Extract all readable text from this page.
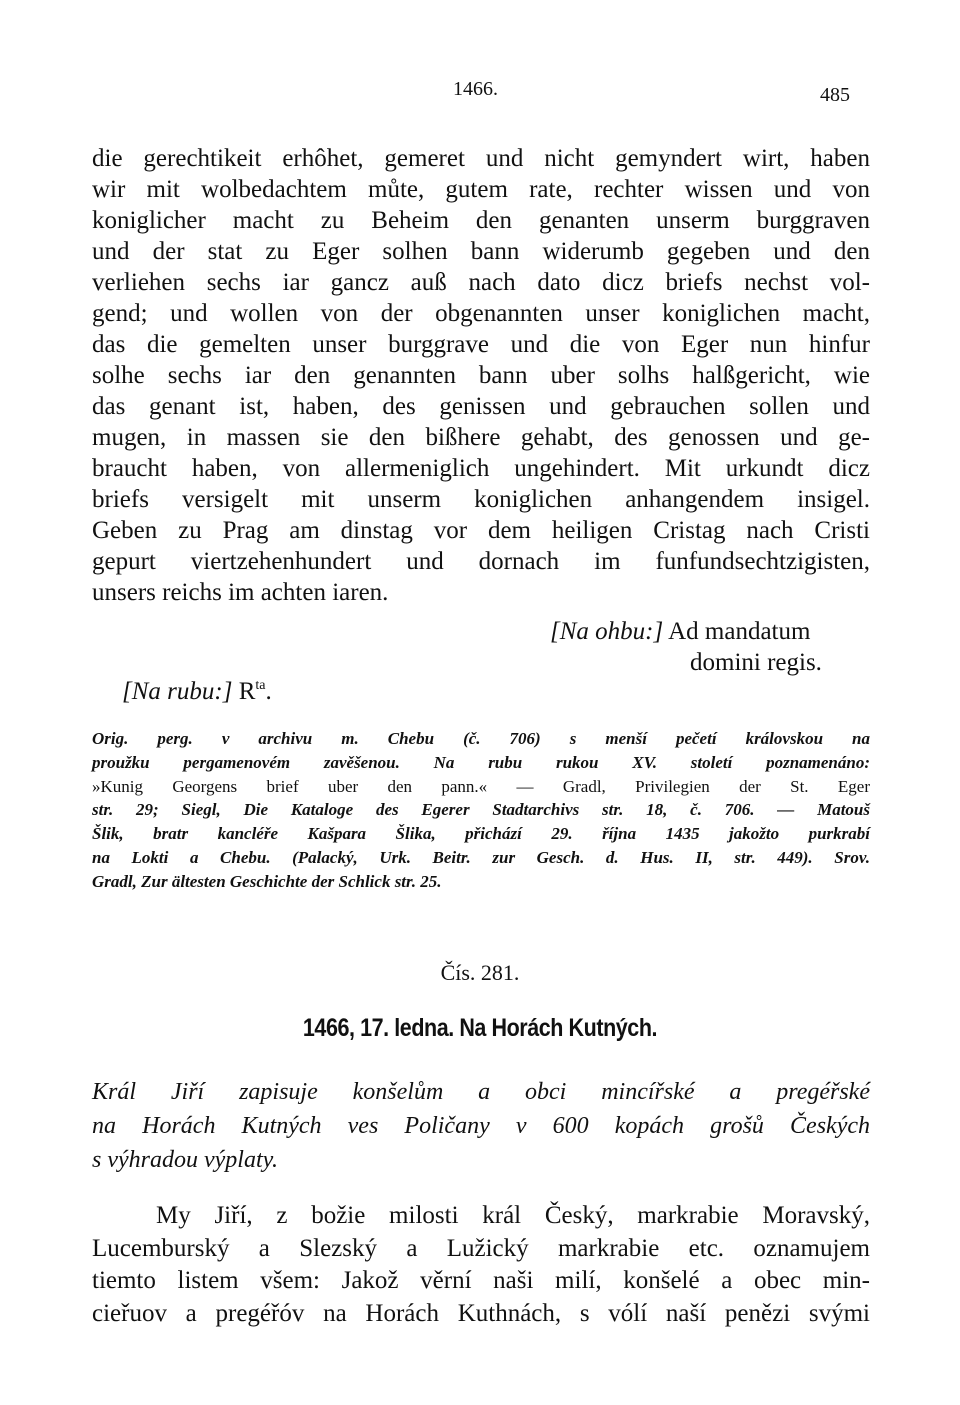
1466.	485
die gerechtikeit erhôhet, gemeret und nicht gemyndert wirt, haben
wir mit wolbedachtem můte, gutem rate, rechter wissen und von
koniglicher macht zu Beheim den genanten unserm burggraven
und der stat zu Eger solhen bann widerumb gegeben und den
verliehen sechs iar gancz auß nach dato dicz briefs nechst vol-
gend; und wollen von der obgenannten unser koniglichen macht,
das die gemelten unser burggrave und die von Eger nun hinfur
solhe sechs iar den genannten bann uber solhs halßgericht, wie
das genant ist, haben, des genissen und gebrauchen sollen und
mugen, in massen sie den bißhere gehabt, des genossen und ge-
braucht haben, von allermeniglich ungehindert. Mit urkundt dicz
briefs versigelt mit unserm koniglichen anhangendem insigel.
Geben zu Prag am dinstag vor dem heiligen Cristag nach Cristi
gepurt viertzehenhundert und dornach im funfundsechtzigisten,
unsers reichs im achten iaren.
[Na ohbu:] Ad mandatum
domini regis.
[Na rubu:] $R^{ta}$.
Orig. perg. v archivu m. Chebu (č. 706) s menší pečetí královskou na
proužku pergamenovém zavěšenou. Na rubu rukou XV. století poznamenáno:
»Kunig Georgens brief uber den pann.« — Gradl, Privilegien der St. Eger
str. 29; Siegl, Die Kataloge des Egerer Stadtarchivs str. 18, č. 706. — Matouš
Šlik, bratr kancléře Kašpara Šlika, přichází 29. října 1435 jakožto purkrabí
na Lokti a Chebu. (Palacký, Urk. Beitr. zur Gesch. d. Hus. II, str. 449). Srov.
Gradl, Zur ältesten Geschichte der Schlick str. 25.
Čís. 281.
1466, 17. ledna. Na Horách Kutných.
Král Jiří zapisuje konšelům a obci mincířské a pregéřské
na Horách Kutných ves Poličany v 600 kopách grošů Českých
s výhradou výplaty.
My Jiří, z božie milosti král Český, markrabie Moravský,
Lucemburský a Slezský a Lužický markrabie etc. oznamujem
tiemto listem všem: Jakož věrní naši milí, konšelé a obec min-
cieřuov a pregéřóv na Horách Kuthnách, s vólí naší penězi svými
